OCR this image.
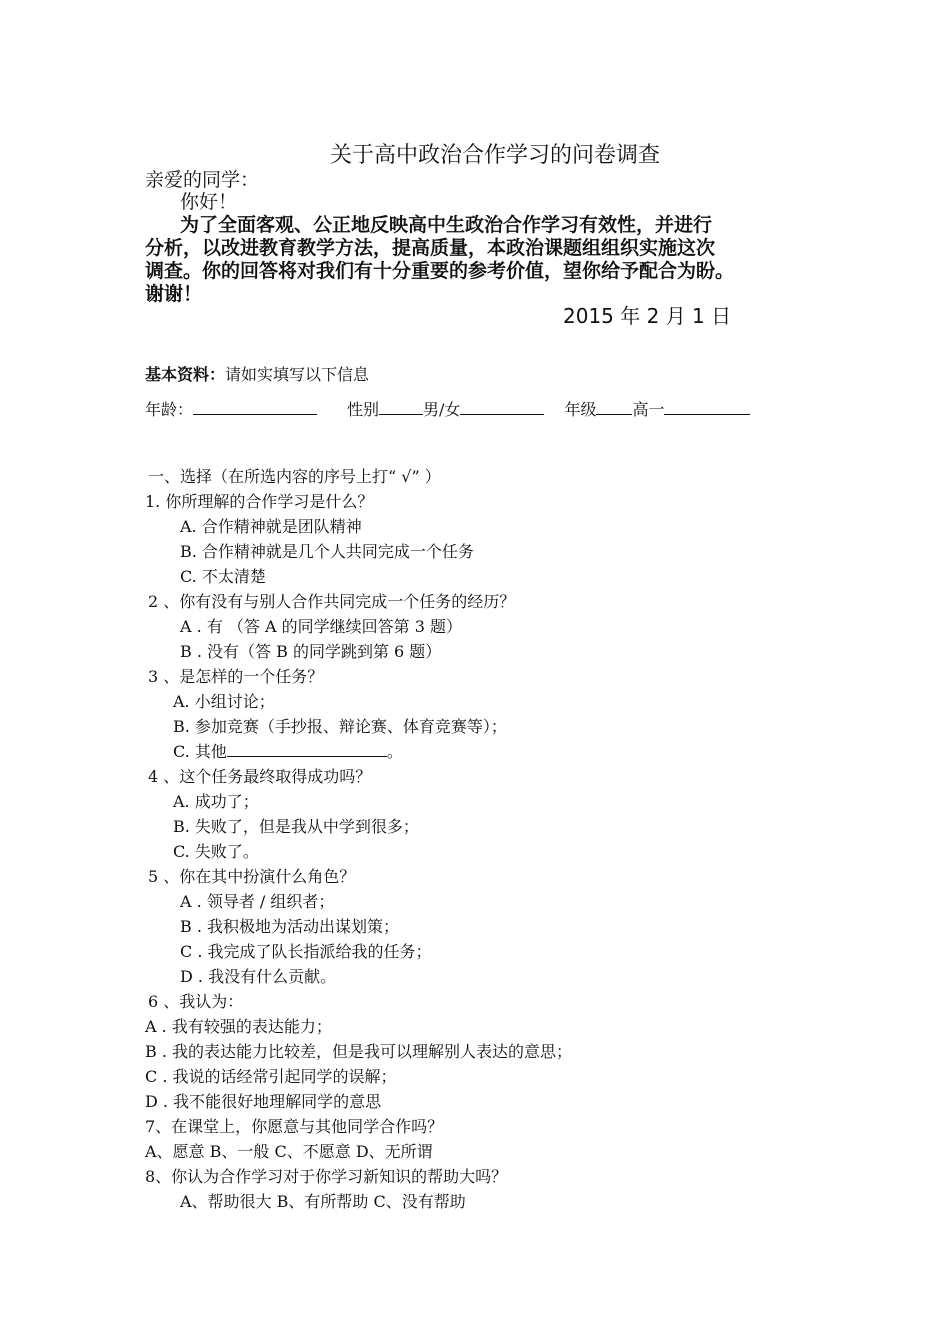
关于高中政治合作学习的问卷调查
亲爱的同学：
你好！
为了全面客观、公正地反映高中生政治合作学习有效性，并进行
分析，以改进教育教学方法，提高质量，本政治课题组组织实施这次
调查。你的回答将对我们有十分重要的参考价值，望你给予配合为盼。
谢谢！
2015 年 2 月 1 日
基本资料：请如实填写以下信息
年龄：	性别	男/女	年级 高一
一、选择（在所选内容的序号上打“ √” ）
1. 你所理解的合作学习是什么？
A. 合作精神就是团队精神
B. 合作精神就是几个人共同完成一个任务
C. 不太清楚
2 、你有没有与别人合作共同完成一个任务的经历？
A . 有 （答 A 的同学继续回答第 3 题）
B . 没有（答 B 的同学跳到第 6 题）
3 、是怎样的一个任务？
A. 小组讨论；
B. 参加竞赛（手抄报、辩论赛、体育竞赛等）；
C. 其他	。
4 、这个任务最终取得成功吗？
A. 成功了；
B. 失败了，但是我从中学到很多；
C. 失败了。
5 、你在其中扮演什么角色？
A . 领导者 / 组织者；
B . 我积极地为活动出谋划策；
C . 我完成了队长指派给我的任务；
D . 我没有什么贡献。
6 、我认为：
A . 我有较强的表达能力；
B . 我的表达能力比较差，但是我可以理解别人表达的意思；
C . 我说的话经常引起同学的误解；
D . 我不能很好地理解同学的意思
7、在课堂上，你愿意与其他同学合作吗？
A、愿意 B、一般 C、不愿意 D、无所谓
8、你认为合作学习对于你学习新知识的帮助大吗？
A、帮助很大 B、有所帮助 C、没有帮助
